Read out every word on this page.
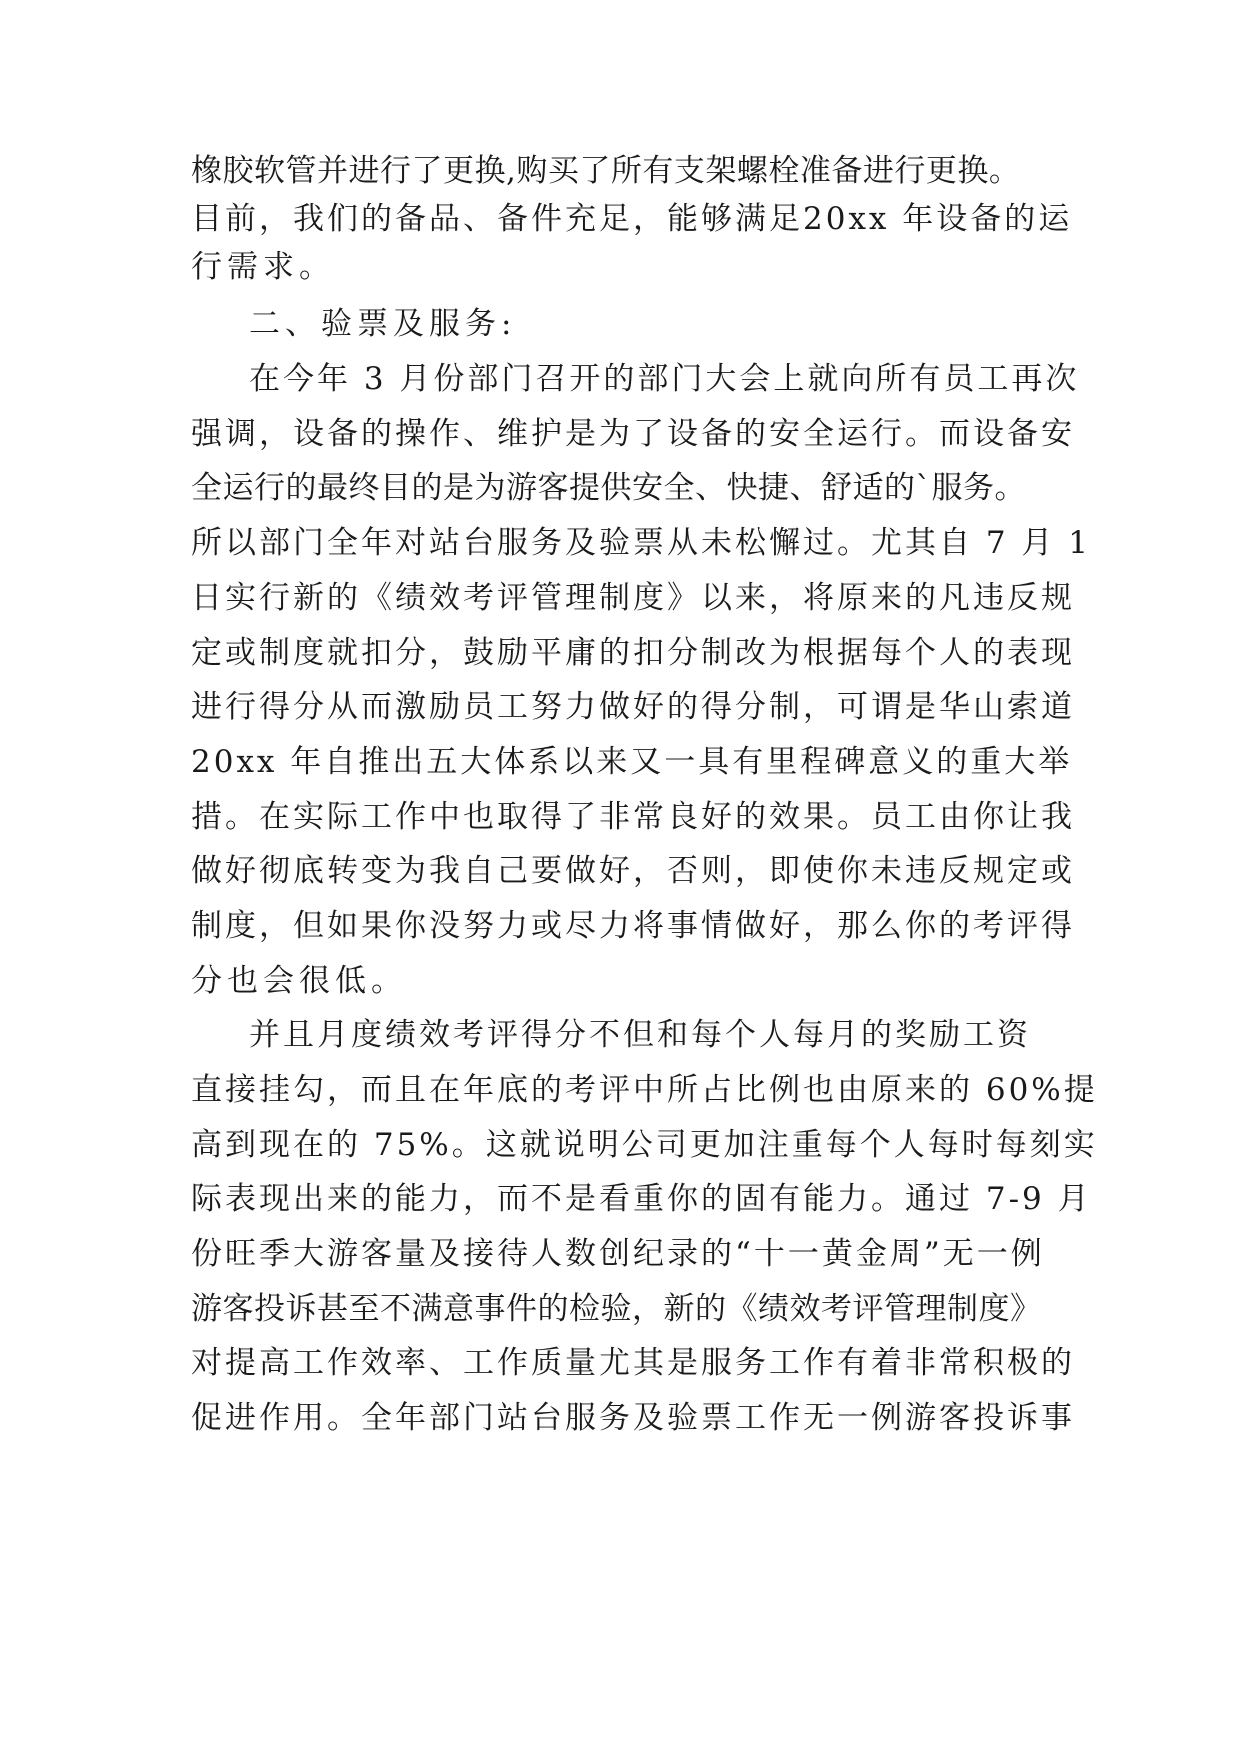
橡胶软管并进行了更换,购买了所有支架螺栓准备进行更换。
目前，我们的备品、备件充足，能够满足20xx 年设备的运
行需求。
二、验票及服务:
在今年 3 月份部门召开的部门大会上就向所有员工再次
强调，设备的操作、维护是为了设备的安全运行。而设备安
全运行的最终目的是为游客提供安全、快捷、舒适的`服务。
所以部门全年对站台服务及验票从未松懈过。尤其自 7 月 1
日实行新的《绩效考评管理制度》以来，将原来的凡违反规
定或制度就扣分，鼓励平庸的扣分制改为根据每个人的表现
进行得分从而激励员工努力做好的得分制，可谓是华山索道
20xx 年自推出五大体系以来又一具有里程碑意义的重大举
措。在实际工作中也取得了非常良好的效果。员工由你让我
做好彻底转变为我自己要做好，否则，即使你未违反规定或
制度，但如果你没努力或尽力将事情做好，那么你的考评得
分也会很低。
并且月度绩效考评得分不但和每个人每月的奖励工资
直接挂勾，而且在年底的考评中所占比例也由原来的 60%提
高到现在的 75%。这就说明公司更加注重每个人每时每刻实
际表现出来的能力，而不是看重你的固有能力。通过 7-9 月
份旺季大游客量及接待人数创纪录的“十一黄金周”无一例
游客投诉甚至不满意事件的检验，新的《绩效考评管理制度》
对提高工作效率、工作质量尤其是服务工作有着非常积极的
促进作用。全年部门站台服务及验票工作无一例游客投诉事
